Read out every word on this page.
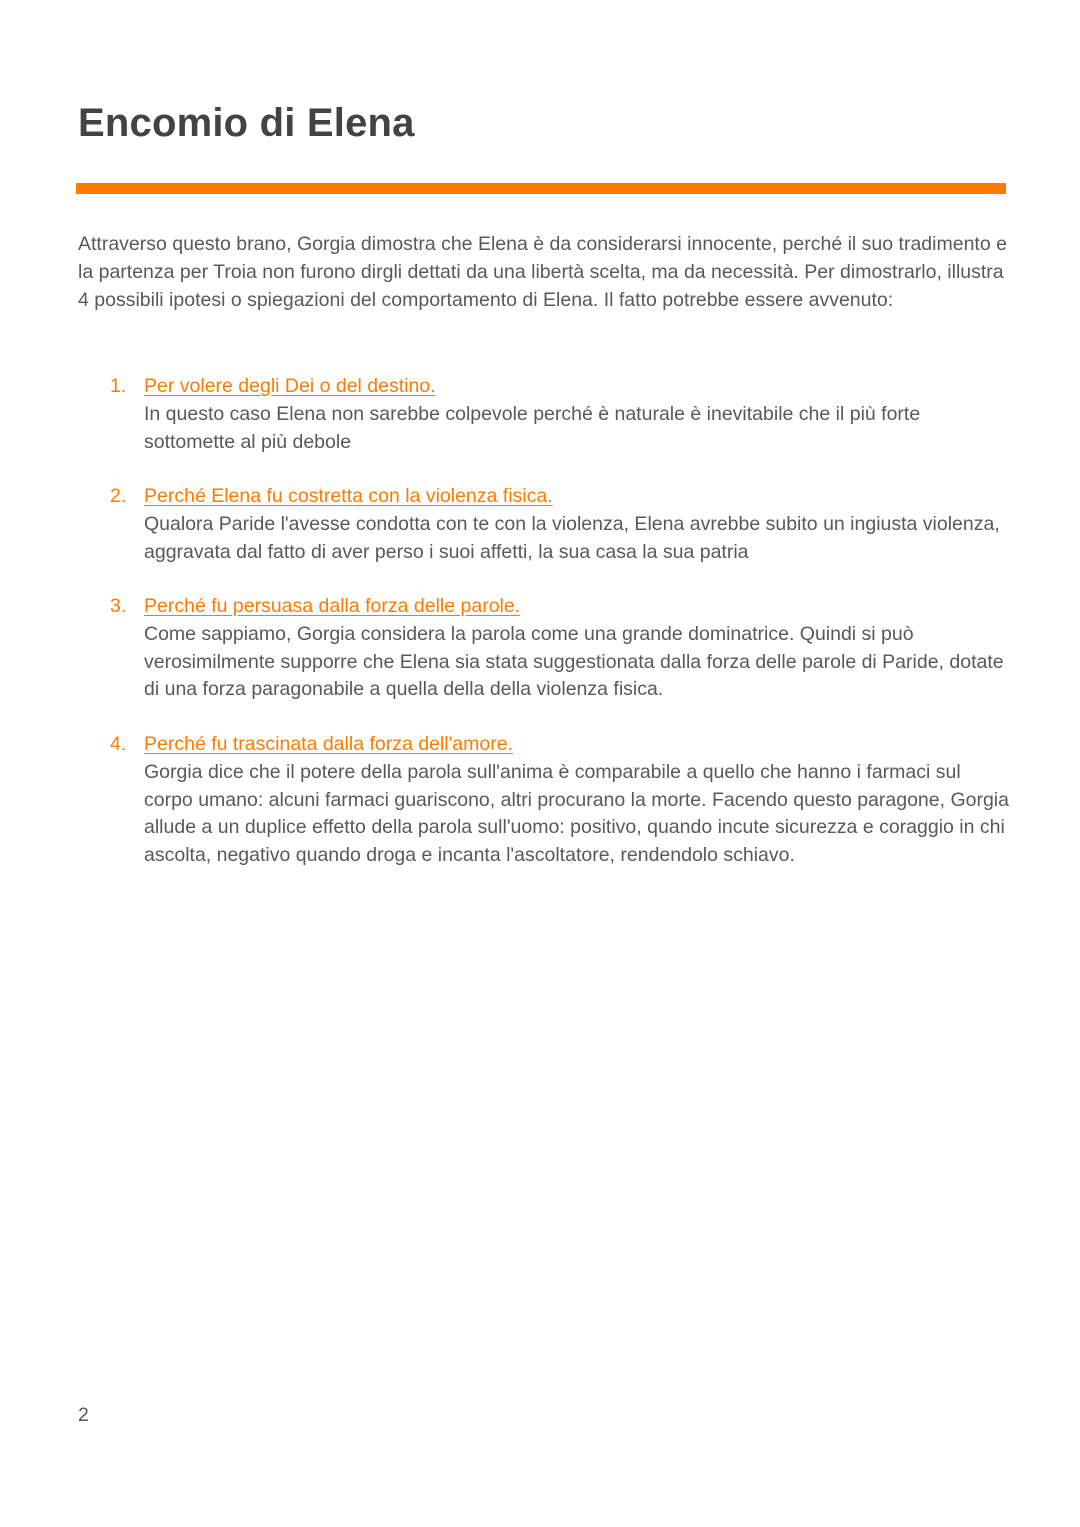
Encomio di Elena

Attraverso questo brano, Gorgia dimostra che Elena è da considerarsi innocente, perché il suo tradimento e la partenza per Troia non furono dirgli dettati da una libertà scelta, ma da necessità. Per dimostrarlo, illustra 4 possibili ipotesi o spiegazioni del comportamento di Elena. Il fatto potrebbe essere avvenuto:

1. Per volere degli Dei o del destino.

In questo caso Elena non sarebbe colpevole perché è naturale è inevitabile che il più forte sottomette al più debole

2. Perché Elena fu costretta con la violenza fisica.

Qualora Paride l'avesse condotta con te con la violenza, Elena avrebbe subito un ingiusta violenza, aggravata dal fatto di aver perso i suoi affetti, la sua casa la sua patria

3. Perché fu persuasa dalla forza delle parole.

Come sappiamo, Gorgia considera la parola come una grande dominatrice. Quindi si può verosimilmente supporre che Elena sia stata suggestionata dalla forza delle parole di Paride, dotate di una forza paragonabile a quella della della violenza fisica.

4. Perché fu trascinata dalla forza dell'amore.

Gorgia dice che il potere della parola sull'anima è comparabile a quello che hanno i farmaci sul corpo umano: alcuni farmaci guariscono, altri procurano la morte. Facendo questo paragone, Gorgia allude a un duplice effetto della parola sull'uomo: positivo, quando incute sicurezza e coraggio in chi ascolta, negativo quando droga e incanta l'ascoltatore, rendendolo schiavo.

2
